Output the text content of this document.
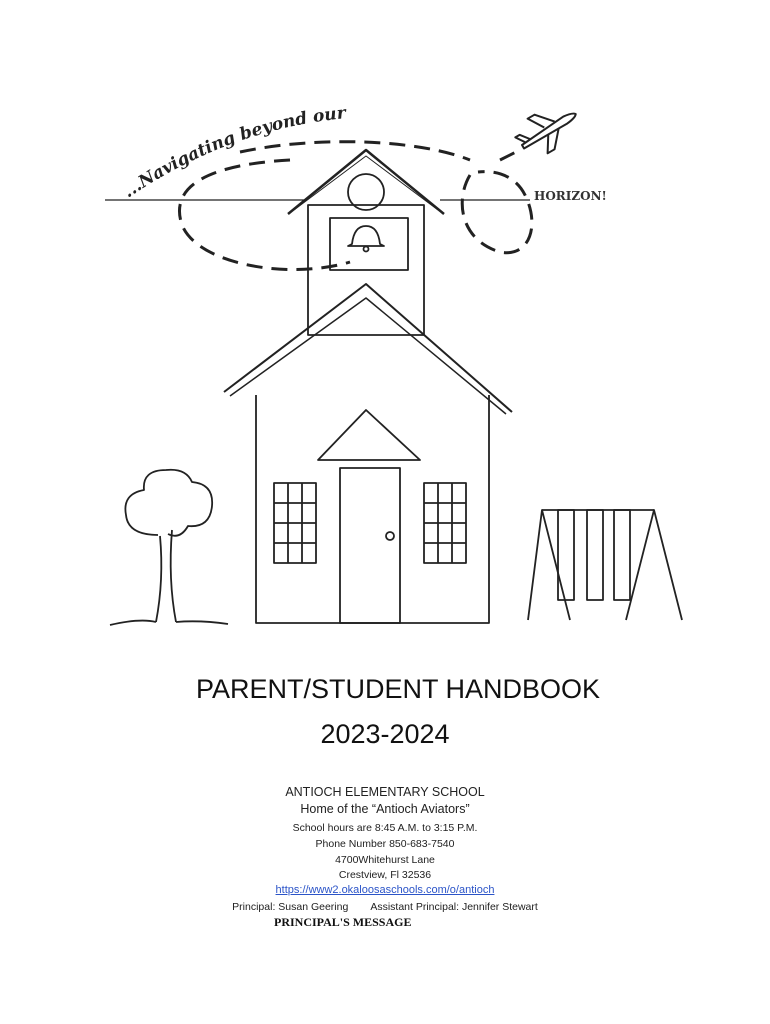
...Navigating beyond our
HORIZON!
PARENT/STUDENT HANDBOOK
2023-2024
ANTIOCH ELEMENTARY SCHOOL
Home of the “Antioch Aviators”
School hours are 8:45 A.M. to 3:15 P.M.
Phone Number 850-683-7540
4700Whitehurst Lane
Crestview, Fl 32536
https://www2.okaloosaschools.com/o/antioch
Principal: Susan Geering Assistant Principal: Jennifer Stewart
PRINCIPAL'S MESSAGE
